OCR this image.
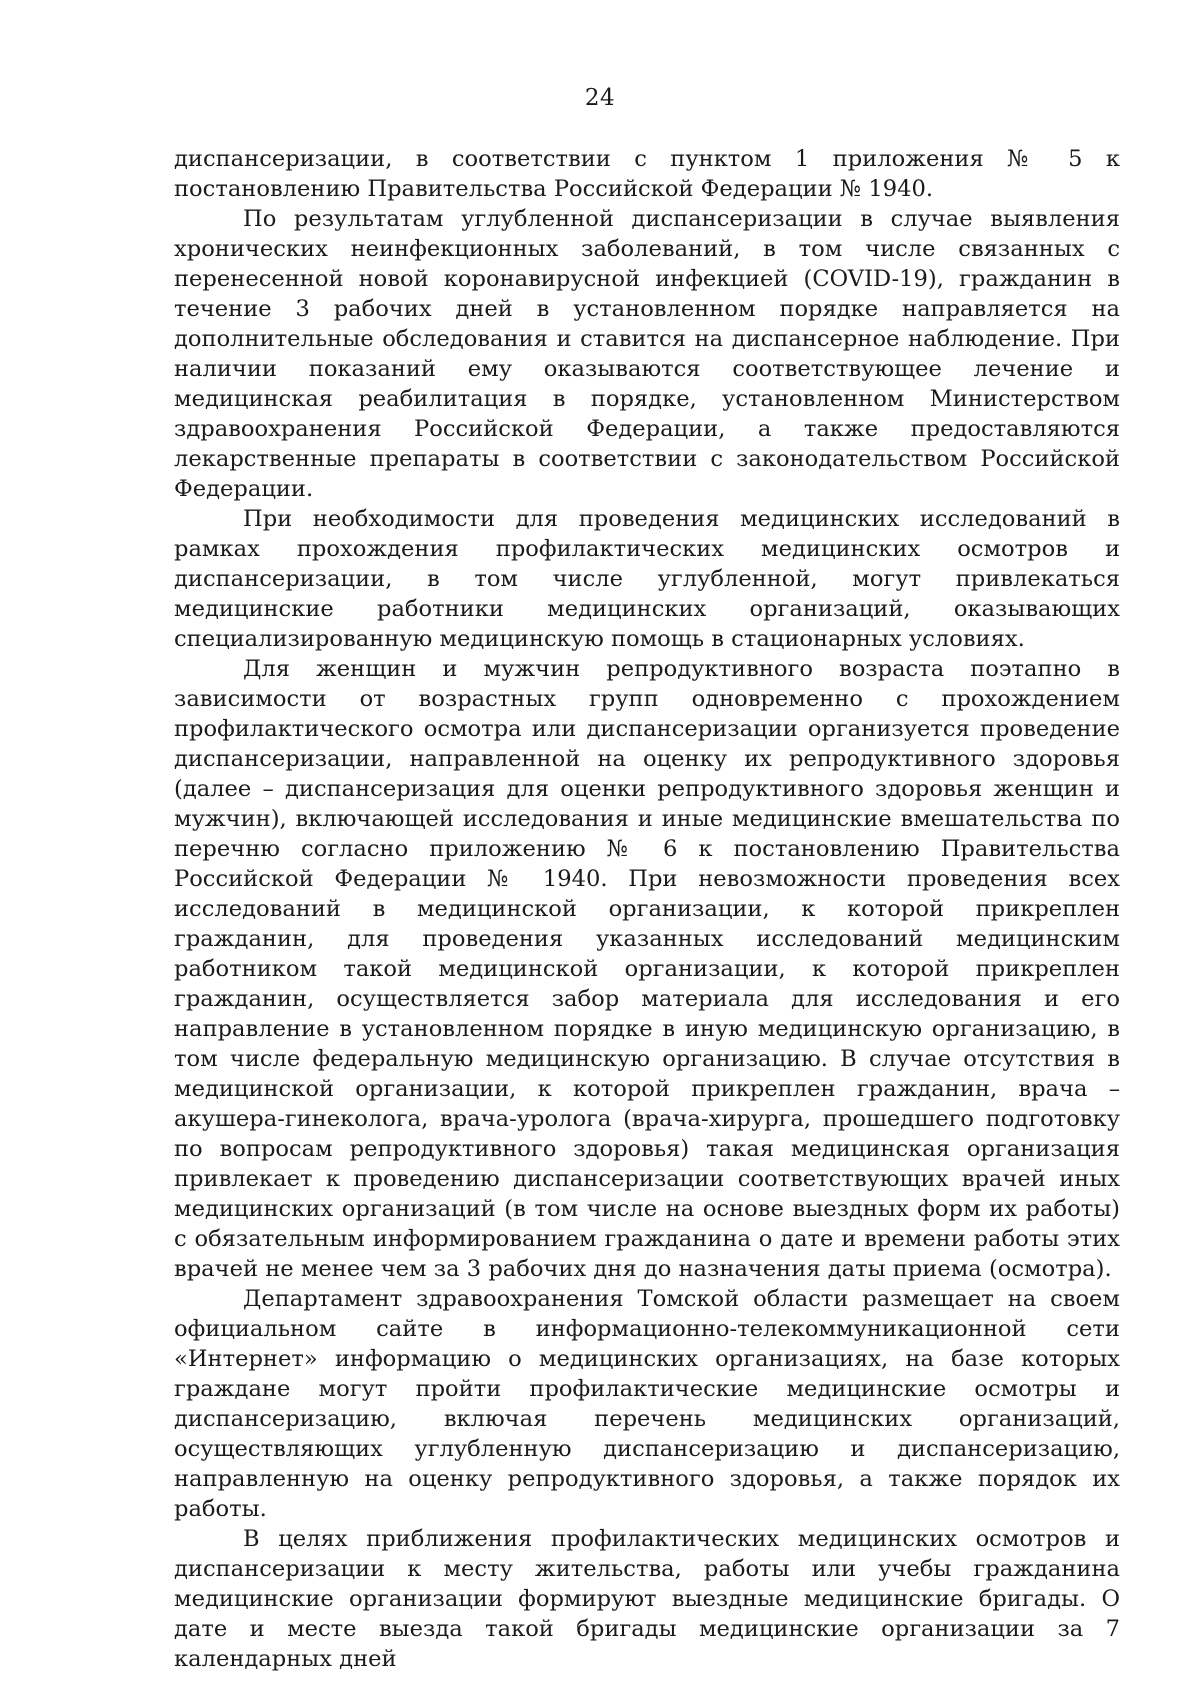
24

диспансеризации, в соответствии с пунктом 1 приложения № 5 к постановлению Правительства Российской Федерации № 1940.

По результатам углубленной диспансеризации в случае выявления хронических неинфекционных заболеваний, в том числе связанных с перенесенной новой коронавирусной инфекцией (COVID-19), гражданин в течение 3 рабочих дней в установленном порядке направляется на дополнительные обследования и ставится на диспансерное наблюдение. При наличии показаний ему оказываются соответствующее лечение и медицинская реабилитация в порядке, установленном Министерством здравоохранения Российской Федерации, а также предоставляются лекарственные препараты в соответствии с законодательством Российской Федерации.

При необходимости для проведения медицинских исследований в рамках прохождения профилактических медицинских осмотров и диспансеризации, в том числе углубленной, могут привлекаться медицинские работники медицинских организаций, оказывающих специализированную медицинскую помощь в стационарных условиях.

Для женщин и мужчин репродуктивного возраста поэтапно в зависимости от возрастных групп одновременно с прохождением профилактического осмотра или диспансеризации организуется проведение диспансеризации, направленной на оценку их репродуктивного здоровья (далее – диспансеризация для оценки репродуктивного здоровья женщин и мужчин), включающей исследования и иные медицинские вмешательства по перечню согласно приложению № 6 к постановлению Правительства Российской Федерации № 1940. При невозможности проведения всех исследований в медицинской организации, к которой прикреплен гражданин, для проведения указанных исследований медицинским работником такой медицинской организации, к которой прикреплен гражданин, осуществляется забор материала для исследования и его направление в установленном порядке в иную медицинскую организацию, в том числе федеральную медицинскую организацию. В случае отсутствия в медицинской организации, к которой прикреплен гражданин, врача – акушера-гинеколога, врача-уролога (врача-хирурга, прошедшего подготовку по вопросам репродуктивного здоровья) такая медицинская организация привлекает к проведению диспансеризации соответствующих врачей иных медицинских организаций (в том числе на основе выездных форм их работы) с обязательным информированием гражданина о дате и времени работы этих врачей не менее чем за 3 рабочих дня до назначения даты приема (осмотра).

Департамент здравоохранения Томской области размещает на своем официальном сайте в информационно-телекоммуникационной сети «Интернет» информацию о медицинских организациях, на базе которых граждане могут пройти профилактические медицинские осмотры и диспансеризацию, включая перечень медицинских организаций, осуществляющих углубленную диспансеризацию и диспансеризацию, направленную на оценку репродуктивного здоровья, а также порядок их работы.

В целях приближения профилактических медицинских осмотров и диспансеризации к месту жительства, работы или учебы гражданина медицинские организации формируют выездные медицинские бригады. О дате и месте выезда такой бригады медицинские организации за 7 календарных дней
